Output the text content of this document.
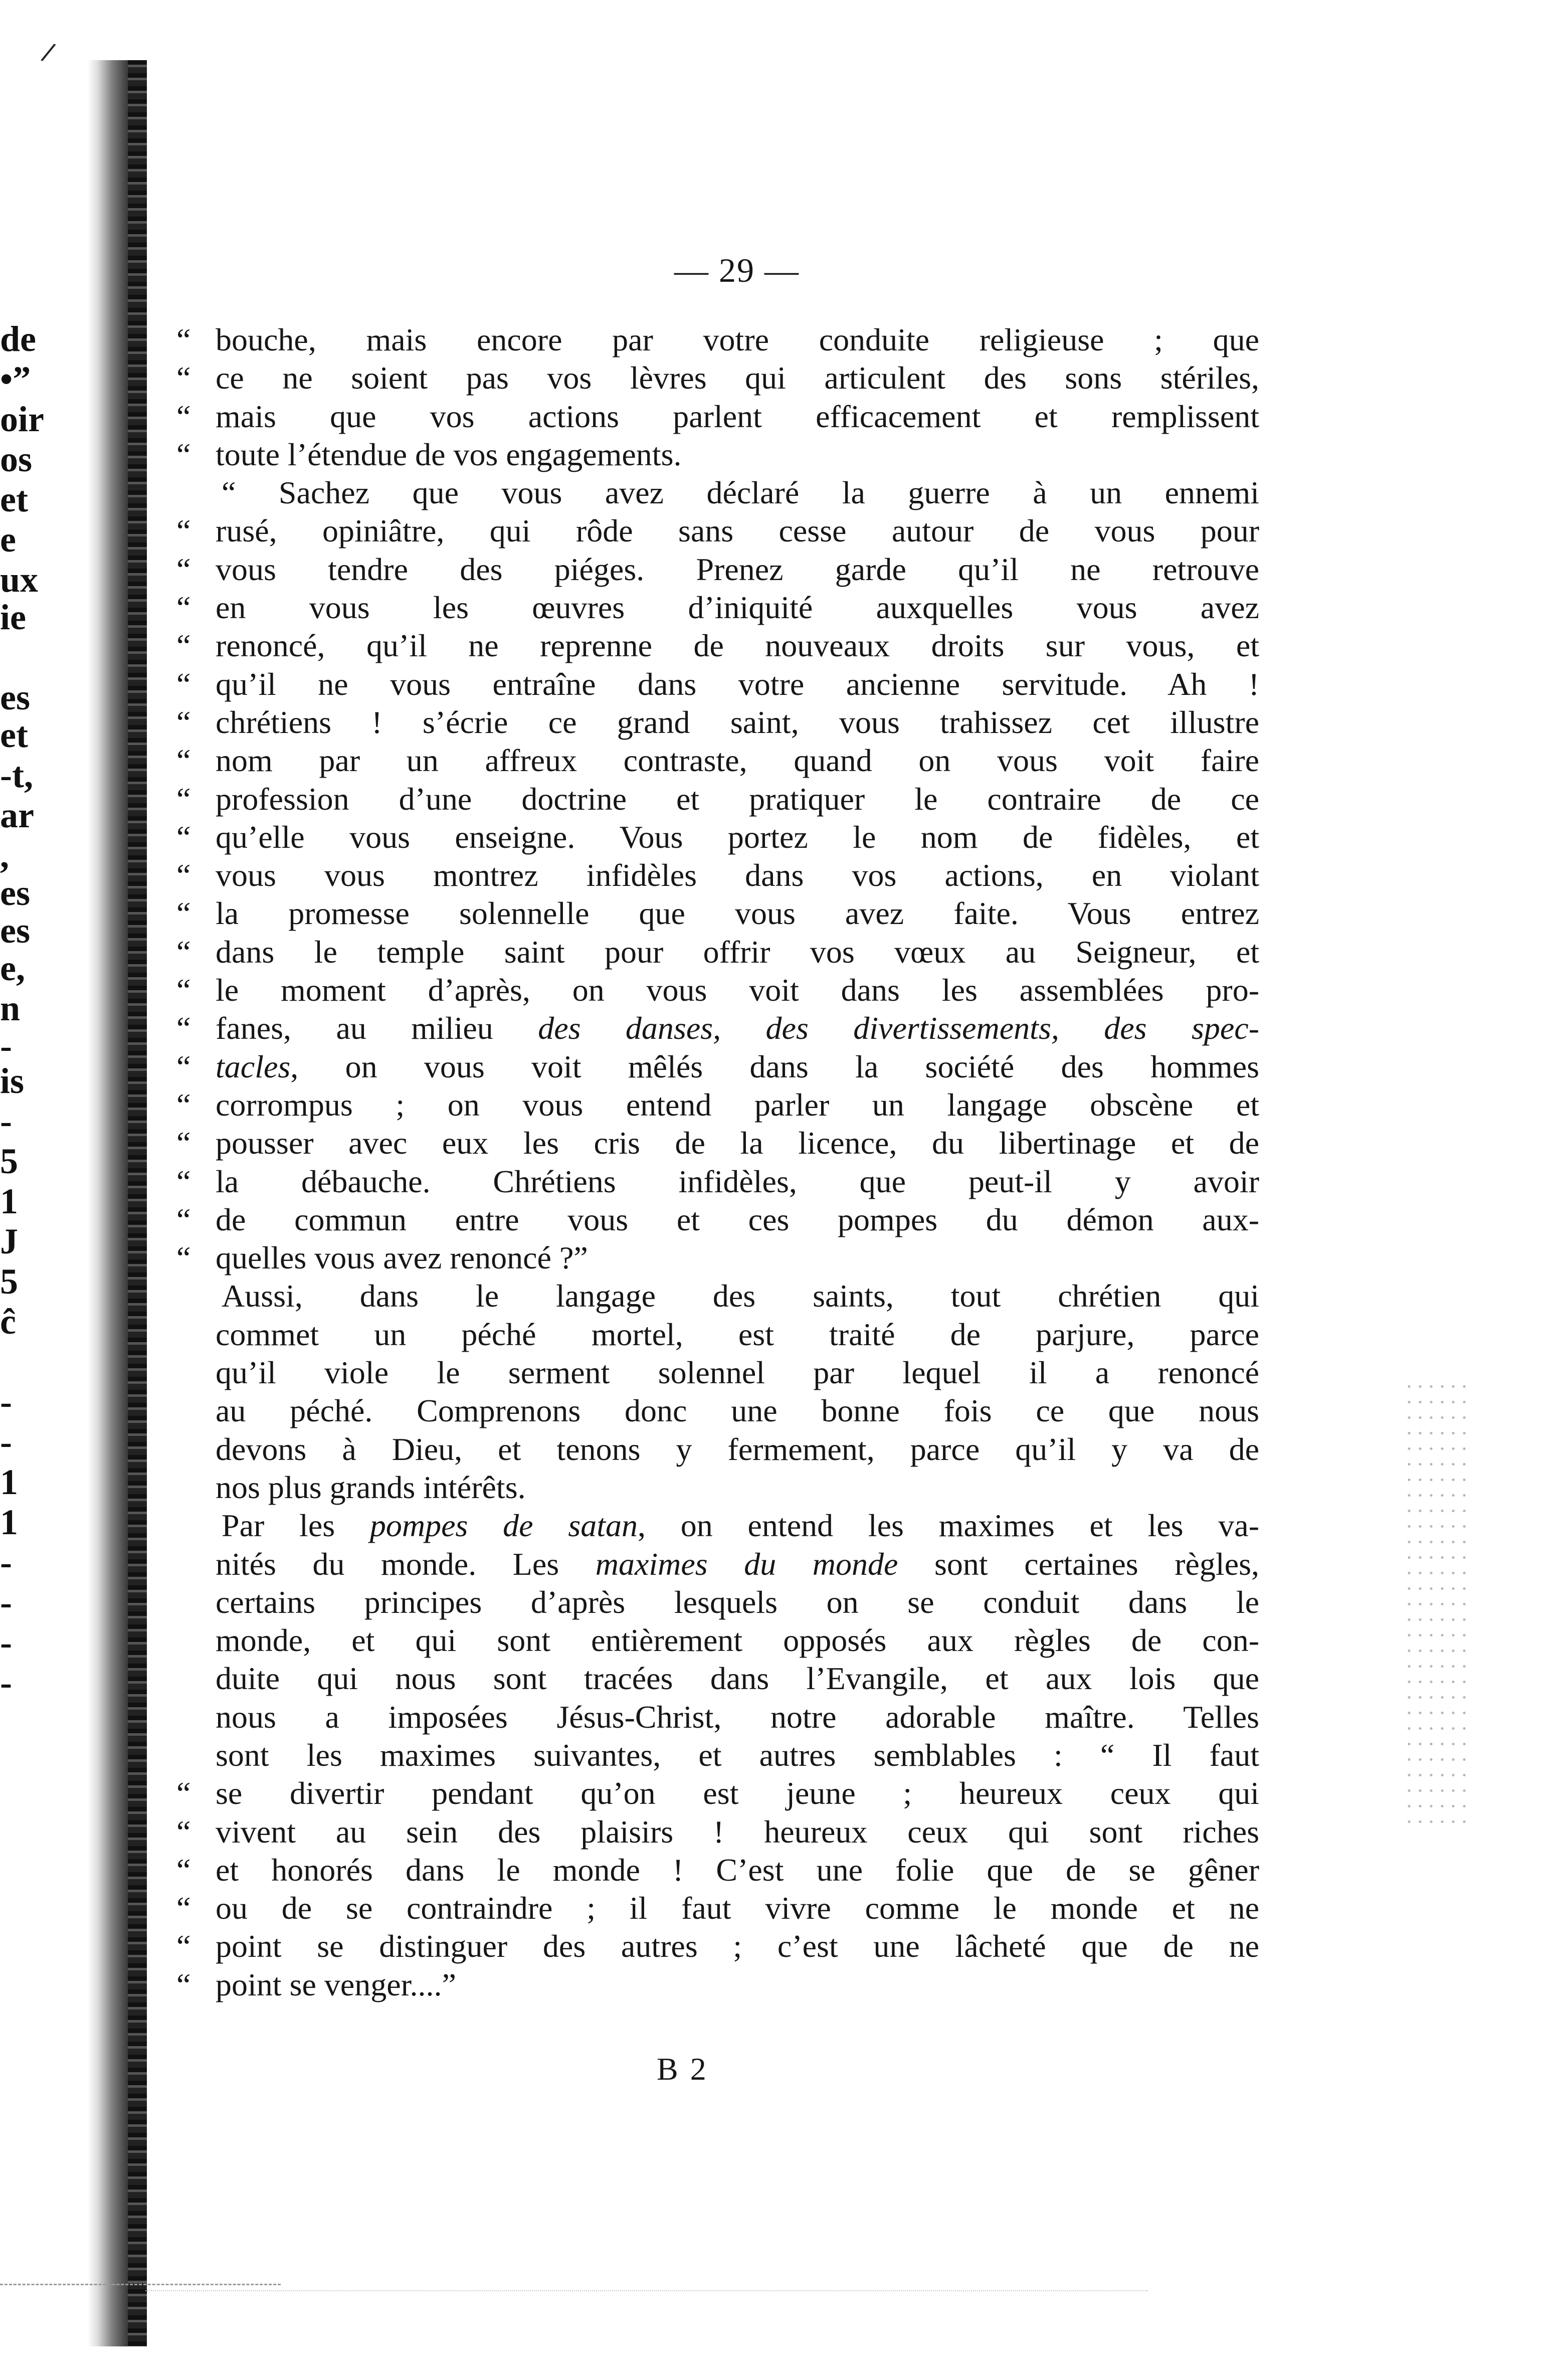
de
•”
oir
os
et
e
ux
ie
es
et
-t,
ar
,
es
es
e,
n
-
is
-
5
1
J
5
ĉ
-
-
1
1
-
-
-
-
/
— 29 —
“ bouche, mais encore par votre conduite religieuse ; que
“ ce ne soient pas vos lèvres qui articulent des sons stériles,
“ mais que vos actions parlent efficacement et remplissent
“ toute l’étendue de vos engagements.
“ Sachez que vous avez déclaré la guerre à un ennemi
“ rusé, opiniâtre, qui rôde sans cesse autour de vous pour
“ vous tendre des piéges. Prenez garde qu’il ne retrouve
“ en vous les œuvres d’iniquité auxquelles vous avez
“ renoncé, qu’il ne reprenne de nouveaux droits sur vous, et
“ qu’il ne vous entraîne dans votre ancienne servitude. Ah !
“ chrétiens ! s’écrie ce grand saint, vous trahissez cet illustre
“ nom par un affreux contraste, quand on vous voit faire
“ profession d’une doctrine et pratiquer le contraire de ce
“ qu’elle vous enseigne. Vous portez le nom de fidèles, et
“ vous vous montrez infidèles dans vos actions, en violant
“ la promesse solennelle que vous avez faite. Vous entrez
“ dans le temple saint pour offrir vos vœux au Seigneur, et
“ le moment d’après, on vous voit dans les assemblées pro-
“ fanes, au milieu des danses, des divertissements, des spec-
“ tacles, on vous voit mêlés dans la société des hommes
“ corrompus ; on vous entend parler un langage obscène et
“ pousser avec eux les cris de la licence, du libertinage et de
“ la débauche. Chrétiens infidèles, que peut-il y avoir
“ de commun entre vous et ces pompes du démon aux-
“ quelles vous avez renoncé ?”
Aussi, dans le langage des saints, tout chrétien qui
commet un péché mortel, est traité de parjure, parce
qu’il viole le serment solennel par lequel il a renoncé
au péché. Comprenons donc une bonne fois ce que nous
devons à Dieu, et tenons y fermement, parce qu’il y va de
nos plus grands intérêts.
Par les pompes de satan, on entend les maximes et les va-
nités du monde. Les maximes du monde sont certaines règles,
certains principes d’après lesquels on se conduit dans le
monde, et qui sont entièrement opposés aux règles de con-
duite qui nous sont tracées dans l’Evangile, et aux lois que
nous a imposées Jésus-Christ, notre adorable maître. Telles
sont les maximes suivantes, et autres semblables : “ Il faut
“ se divertir pendant qu’on est jeune ; heureux ceux qui
“ vivent au sein des plaisirs ! heureux ceux qui sont riches
“ et honorés dans le monde ! C’est une folie que de se gêner
“ ou de se contraindre ; il faut vivre comme le monde et ne
“ point se distinguer des autres ; c’est une lâcheté que de ne
“ point se venger....”
B 2
